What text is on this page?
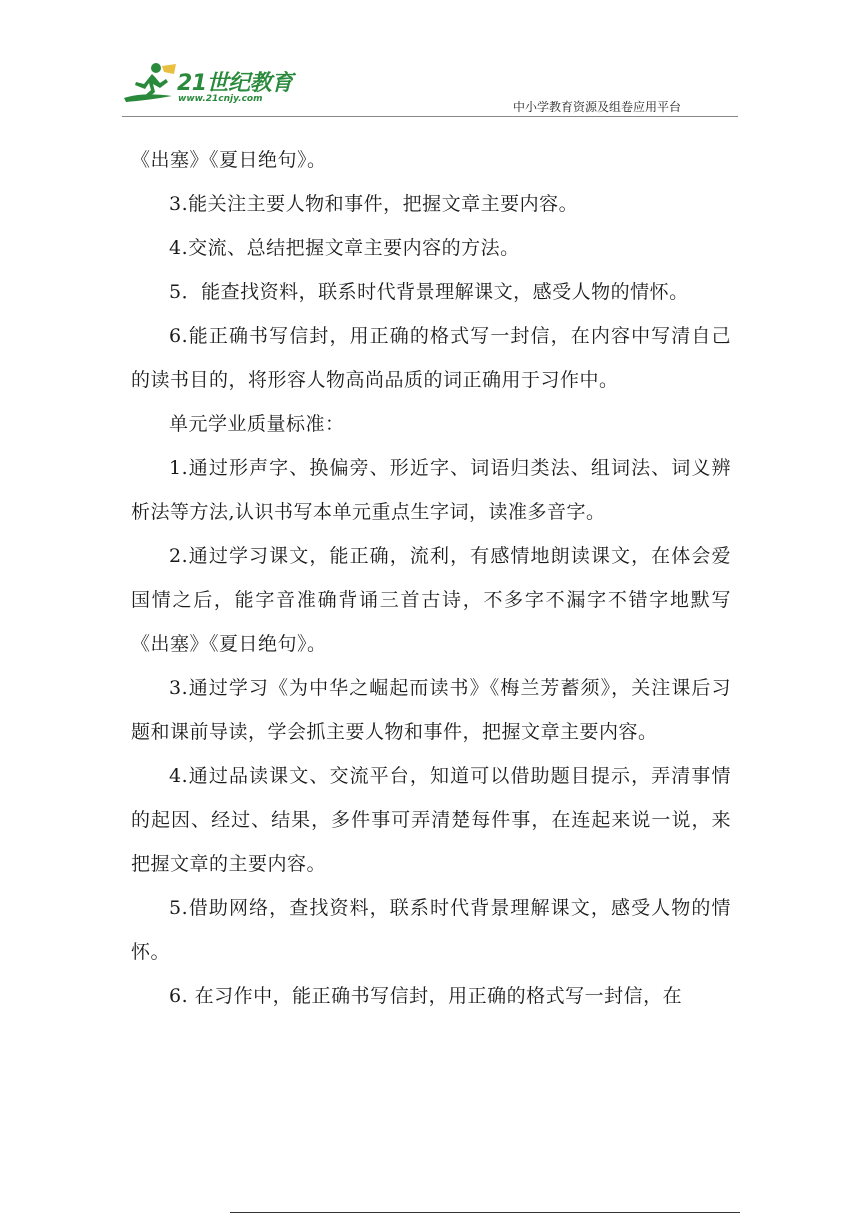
21世纪教育
www.21cnjy.com
中小学教育资源及组卷应用平台

《出塞》《夏日绝句》。

3.能关注主要人物和事件，把握文章主要内容。

4.交流、总结把握文章主要内容的方法。

5．能查找资料，联系时代背景理解课文，感受人物的情怀。

6.能正确书写信封，用正确的格式写一封信，在内容中写清自己的读书目的，将形容人物高尚品质的词正确用于习作中。

单元学业质量标准：

1.通过形声字、换偏旁、形近字、词语归类法、组词法、词义辨析法等方法,认识书写本单元重点生字词，读准多音字。

2.通过学习课文，能正确，流利，有感情地朗读课文，在体会爱国情之后，能字音准确背诵三首古诗，不多字不漏字不错字地默写《出塞》《夏日绝句》。

3.通过学习《为中华之崛起而读书》《梅兰芳蓄须》，关注课后习题和课前导读，学会抓主要人物和事件，把握文章主要内容。

4.通过品读课文、交流平台，知道可以借助题目提示，弄清事情的起因、经过、结果，多件事可弄清楚每件事，在连起来说一说，来把握文章的主要内容。

5.借助网络，查找资料，联系时代背景理解课文，感受人物的情怀。

6. 在习作中，能正确书写信封，用正确的格式写一封信，在
